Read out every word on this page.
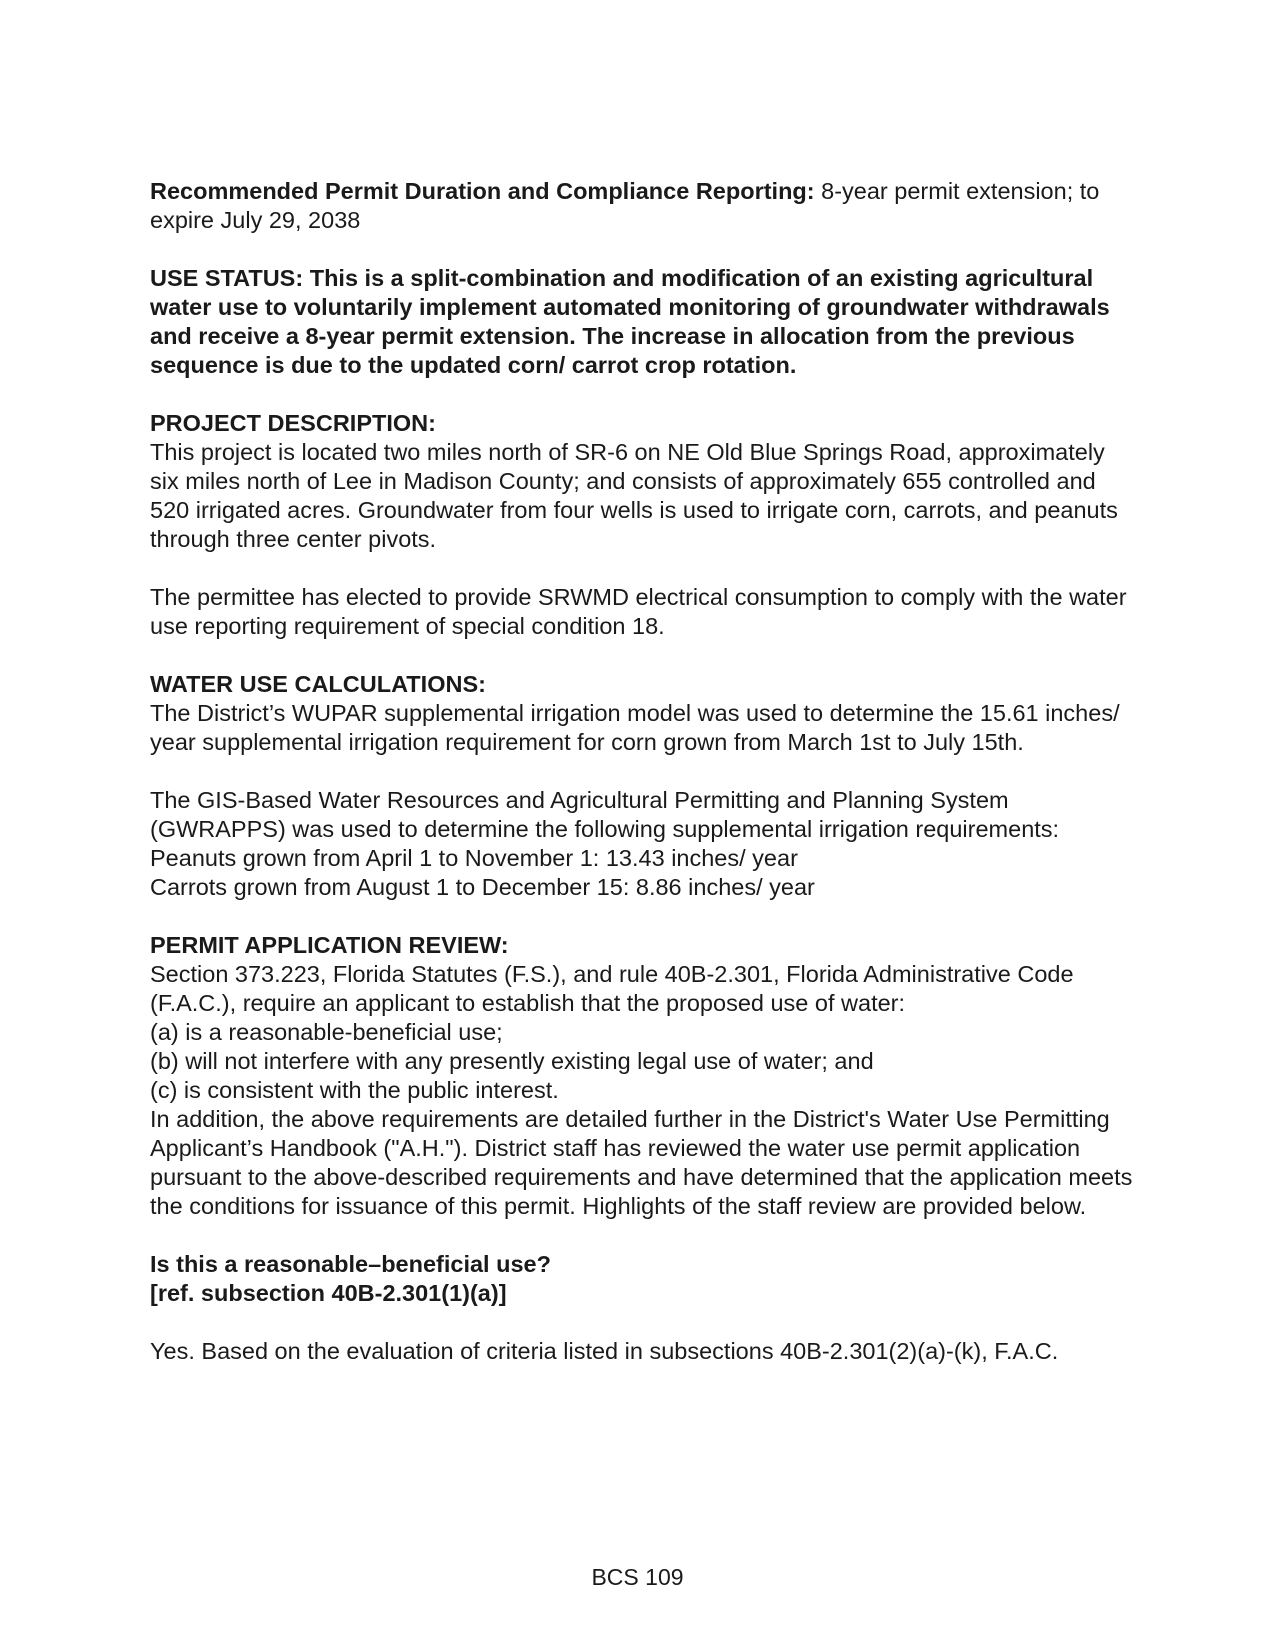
Recommended Permit Duration and Compliance Reporting: 8-year permit extension; to expire July 29, 2038

USE STATUS: This is a split-combination and modification of an existing agricultural water use to voluntarily implement automated monitoring of groundwater withdrawals and receive a 8-year permit extension. The increase in allocation from the previous sequence is due to the updated corn/ carrot crop rotation.

PROJECT DESCRIPTION:

This project is located two miles north of SR-6 on NE Old Blue Springs Road, approximately six miles north of Lee in Madison County; and consists of approximately 655 controlled and 520 irrigated acres. Groundwater from four wells is used to irrigate corn, carrots, and peanuts through three center pivots.

The permittee has elected to provide SRWMD electrical consumption to comply with the water use reporting requirement of special condition 18.

WATER USE CALCULATIONS:

The District’s WUPAR supplemental irrigation model was used to determine the 15.61 inches/ year supplemental irrigation requirement for corn grown from March 1st to July 15th.

The GIS-Based Water Resources and Agricultural Permitting and Planning System (GWRAPPS) was used to determine the following supplemental irrigation requirements:
Peanuts grown from April 1 to November 1: 13.43 inches/ year
Carrots grown from August 1 to December 15: 8.86 inches/ year

PERMIT APPLICATION REVIEW:

Section 373.223, Florida Statutes (F.S.), and rule 40B-2.301, Florida Administrative Code (F.A.C.), require an applicant to establish that the proposed use of water:
(a) is a reasonable-beneficial use;
(b) will not interfere with any presently existing legal use of water; and
(c) is consistent with the public interest.
In addition, the above requirements are detailed further in the District's Water Use Permitting Applicant’s Handbook ("A.H."). District staff has reviewed the water use permit application pursuant to the above-described requirements and have determined that the application meets the conditions for issuance of this permit. Highlights of the staff review are provided below.

Is this a reasonable–beneficial use?
[ref. subsection 40B-2.301(1)(a)]

Yes. Based on the evaluation of criteria listed in subsections 40B-2.301(2)(a)-(k), F.A.C.

BCS 109
